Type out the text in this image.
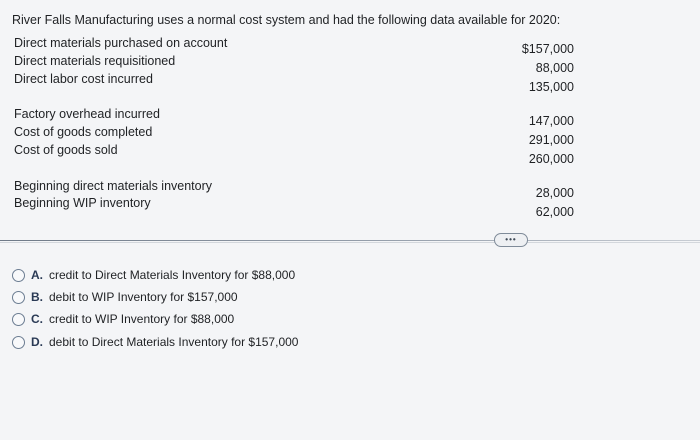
River Falls Manufacturing uses a normal cost system and had the following data available for 2020:
Direct materials purchased on account
Direct materials requisitioned
Direct labor cost incurred
$157,000
88,000
135,000
Factory overhead incurred
Cost of goods completed
Cost of goods sold
147,000
291,000
260,000
Beginning direct materials inventory
Beginning WIP inventory
28,000
62,000
•••
A. credit to Direct Materials Inventory for $88,000
B. debit to WIP Inventory for $157,000
C. credit to WIP Inventory for $88,000
D. debit to Direct Materials Inventory for $157,000
